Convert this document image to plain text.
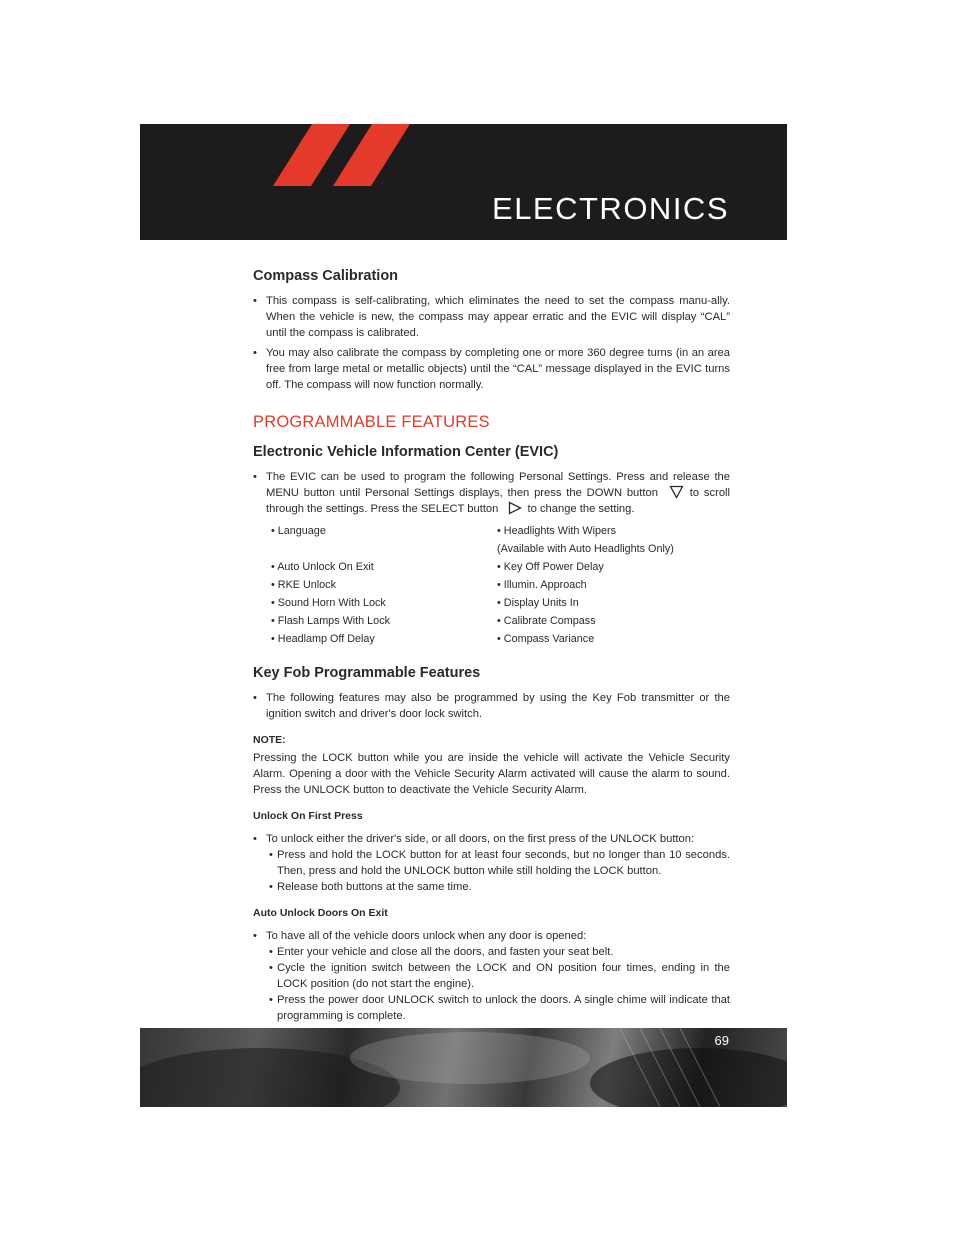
ELECTRONICS
Compass Calibration
• This compass is self-calibrating, which eliminates the need to set the compass manu-ally. When the vehicle is new, the compass may appear erratic and the EVIC will display “CAL” until the compass is calibrated.
• You may also calibrate the compass by completing one or more 360 degree turns (in an area free from large metal or metallic objects) until the “CAL” message displayed in the EVIC turns off. The compass will now function normally.
PROGRAMMABLE FEATURES
Electronic Vehicle Information Center (EVIC)
• The EVIC can be used to program the following Personal Settings. Press and release the MENU button until Personal Settings displays, then press the DOWN button	to scroll through the settings. Press the SELECT button	to change the setting.
• Language	• Headlights With Wipers
(Available with Auto Headlights Only)
• Auto Unlock On Exit	• Key Off Power Delay
• RKE Unlock	• Illumin. Approach
• Sound Horn With Lock	• Display Units In
• Flash Lamps With Lock	• Calibrate Compass
• Headlamp Off Delay	• Compass Variance
Key Fob Programmable Features
• The following features may also be programmed by using the Key Fob transmitter or the ignition switch and driver's door lock switch.

NOTE:

Pressing the LOCK button while you are inside the vehicle will activate the Vehicle Security Alarm. Opening a door with the Vehicle Security Alarm activated will cause the alarm to sound. Press the UNLOCK button to deactivate the Vehicle Security Alarm.

Unlock On First Press
• To unlock either the driver's side, or all doors, on the first press of the UNLOCK button:
• Press and hold the LOCK button for at least four seconds, but no longer than 10 seconds. Then, press and hold the UNLOCK button while still holding the LOCK button.
• Release both buttons at the same time.
Auto Unlock Doors On Exit
• To have all of the vehicle doors unlock when any door is opened:
• Enter your vehicle and close all the doors, and fasten your seat belt.
• Cycle the ignition switch between the LOCK and ON position four times, ending in the LOCK position (do not start the engine).
• Press the power door UNLOCK switch to unlock the doors. A single chime will indicate that programming is complete.
69
